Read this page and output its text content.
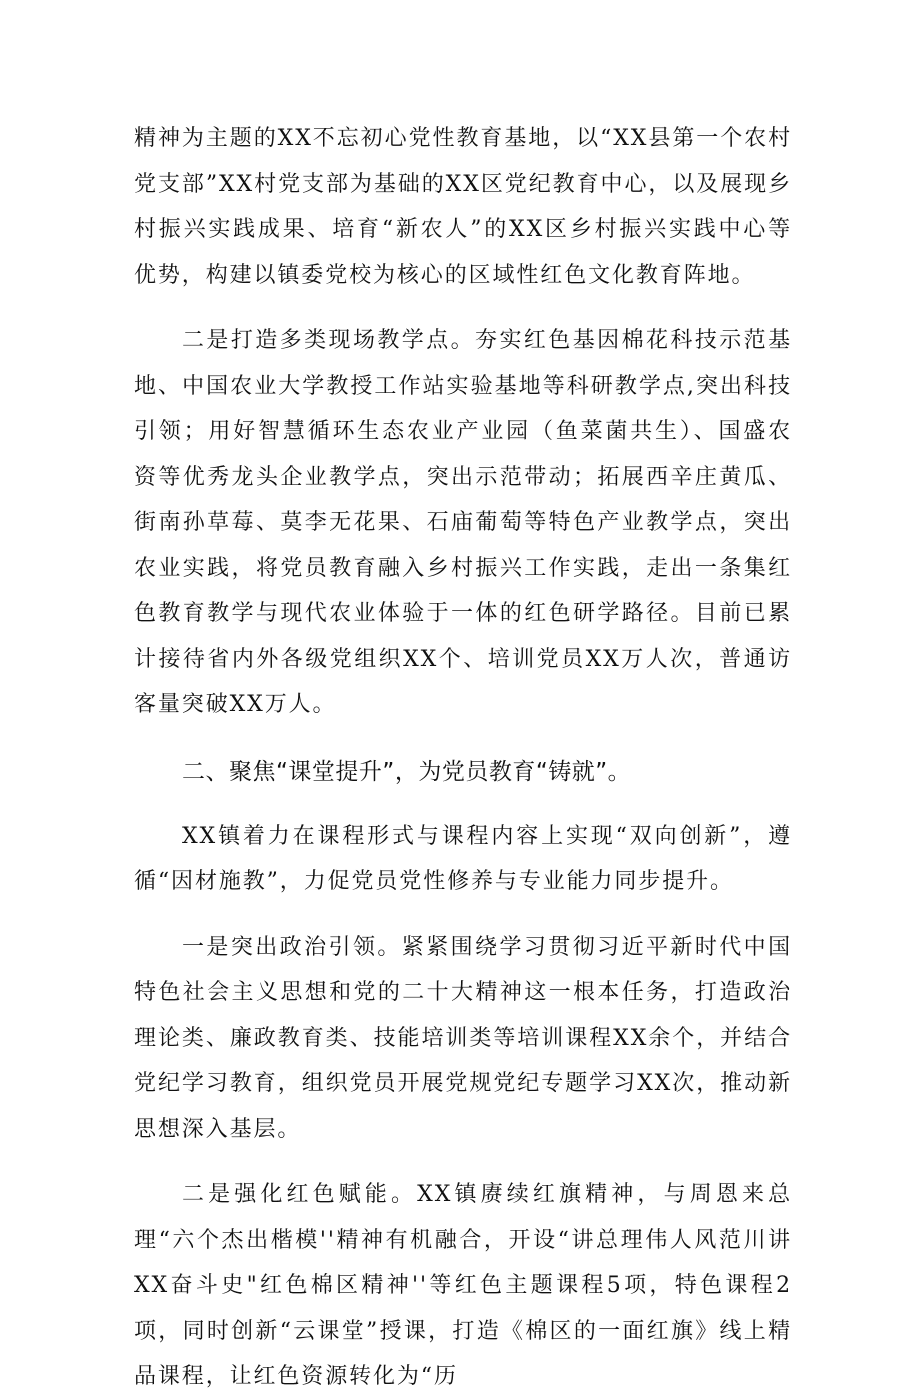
精神为主题的XX不忘初心党性教育基地，以“XX县第一个农村党支部”XX村党支部为基础的XX区党纪教育中心，以及展现乡村振兴实践成果、培育“新农人”的XX区乡村振兴实践中心等优势，构建以镇委党校为核心的区域性红色文化教育阵地。

二是打造多类现场教学点。夯实红色基因棉花科技示范基地、中国农业大学教授工作站实验基地等科研教学点,突出科技引领；用好智慧循环生态农业产业园（鱼菜菌共生）、国盛农资等优秀龙头企业教学点，突出示范带动；拓展西辛庄黄瓜、街南孙草莓、莫李无花果、石庙葡萄等特色产业教学点，突出农业实践，将党员教育融入乡村振兴工作实践，走出一条集红色教育教学与现代农业体验于一体的红色研学路径。目前已累计接待省内外各级党组织XX个、培训党员XX万人次，普通访客量突破XX万人。

二、聚焦“课堂提升”，为党员教育“铸就”。

XX镇着力在课程形式与课程内容上实现“双向创新”，遵循“因材施教”，力促党员党性修养与专业能力同步提升。

一是突出政治引领。紧紧围绕学习贯彻习近平新时代中国特色社会主义思想和党的二十大精神这一根本任务，打造政治理论类、廉政教育类、技能培训类等培训课程XX余个，并结合党纪学习教育，组织党员开展党规党纪专题学习XX次，推动新思想深入基层。

二是强化红色赋能。XX镇赓续红旗精神，与周恩来总理“六个杰出楷模''精神有机融合，开设“讲总理伟人风范川讲XX奋斗史"红色棉区精神''等红色主题课程5项，特色课程2项，同时创新“云课堂”授课，打造《棉区的一面红旗》线上精品课程，让红色资源转化为“历
